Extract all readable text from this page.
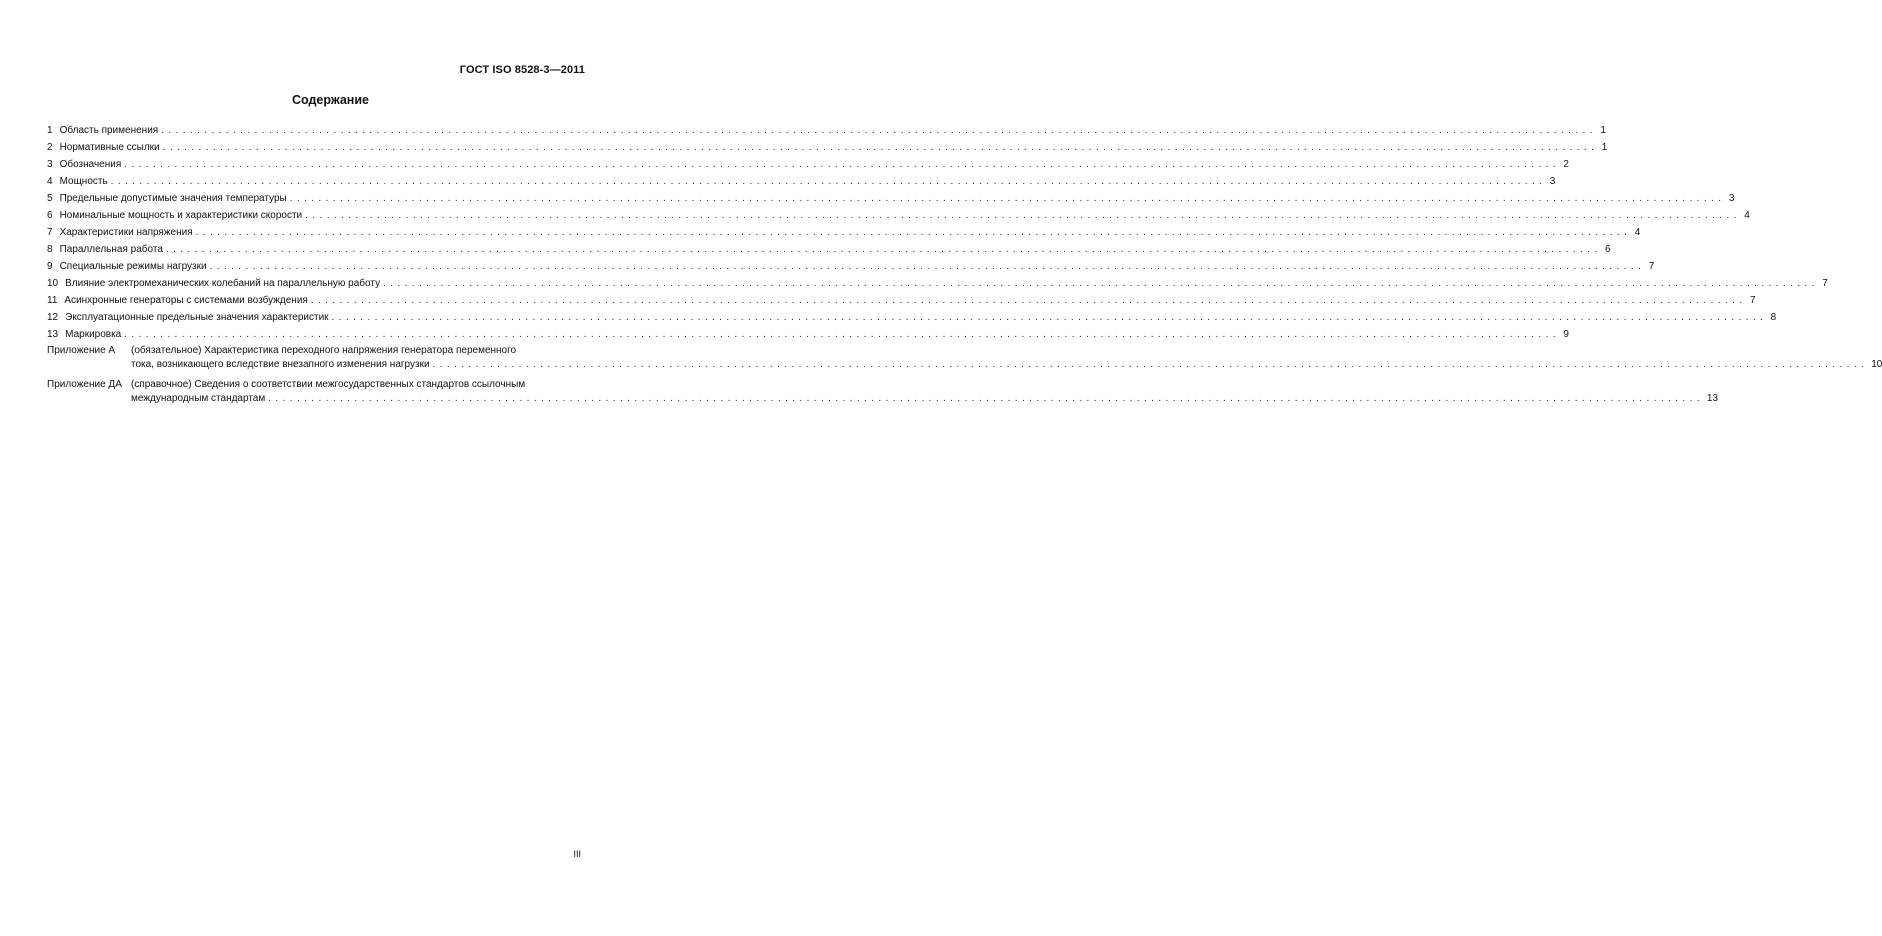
ГОСТ ISO 8528-3—2011
Содержание
1 Область применения ........................................................................................................................................................................................................ 1
2 Нормативные ссылки ........................................................................................................................................................................................................ 1
3 Обозначения ........................................................................................................................................................................................................ 2
4 Мощность ........................................................................................................................................................................................................ 3
5 Предельные допустимые значения температуры ........................................................................................................................................................................................................ 3
6 Номинальные мощность и характеристики скорости ........................................................................................................................................................................................................ 4
7 Характеристики напряжения ........................................................................................................................................................................................................ 4
8 Параллельная работа ........................................................................................................................................................................................................ 6
9 Специальные режимы нагрузки ........................................................................................................................................................................................................ 7
10 Влияние электромеханических колебаний на параллельную работу ........................................................................................................................................................................................................ 7
11 Асинхронные генераторы с системами возбуждения ........................................................................................................................................................................................................ 7
12 Эксплуатационные предельные значения характеристик ........................................................................................................................................................................................................ 8
13 Маркировка ........................................................................................................................................................................................................ 9
Приложение А	(обязательное) Характеристика переходного напряжения генератора переменного
тока, возникающего вследствие внезапного изменения нагрузки ........................................................................................................................................................................................................ 10
Приложение ДА (справочное) Сведения о соответствии межгосударственных стандартов ссылочным
международным стандартам ........................................................................................................................................................................................................ 13
III
